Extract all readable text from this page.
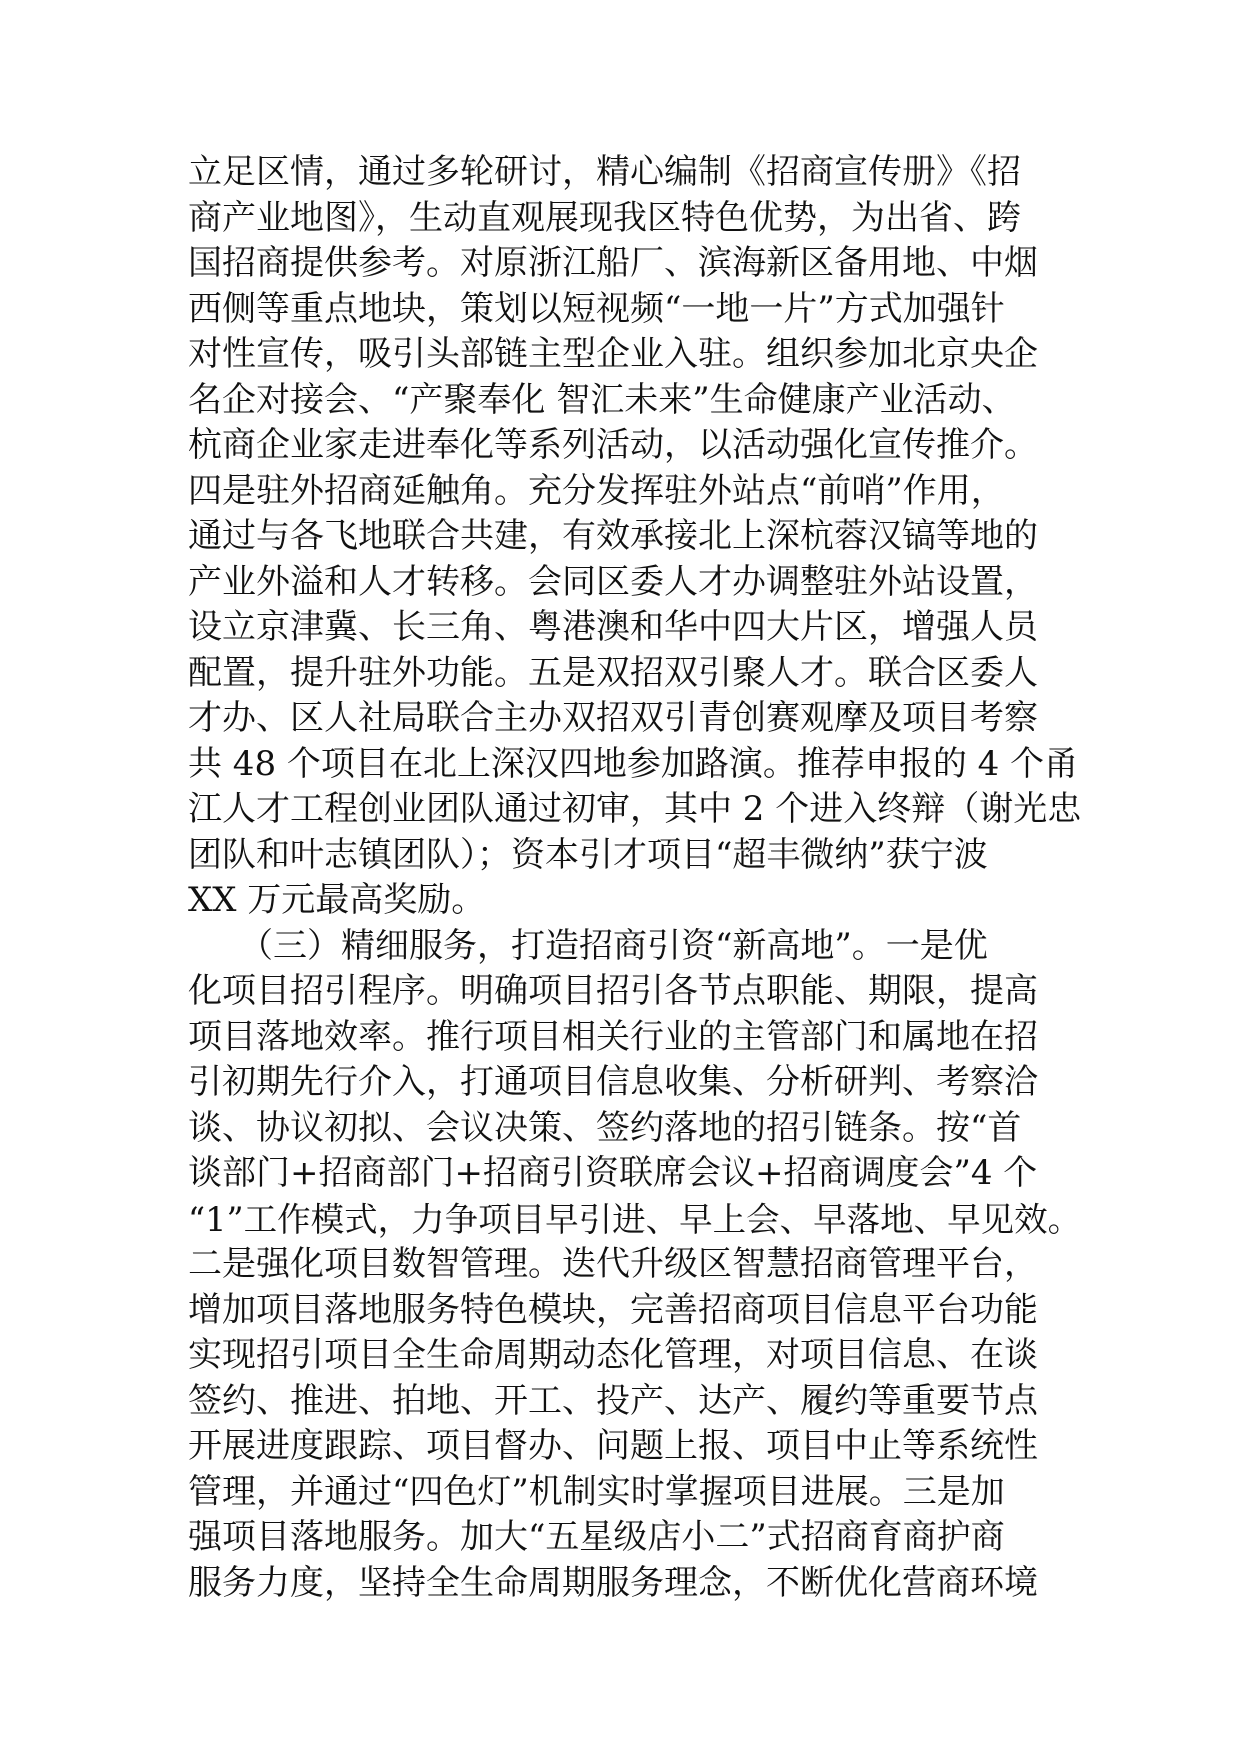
立足区情，通过多轮研讨，精心编制《招商宣传册》《招
商产业地图》，生动直观展现我区特色优势，为出省、跨
国招商提供参考。对原浙江船厂、滨海新区备用地、中烟
西侧等重点地块，策划以短视频“一地一片”方式加强针
对性宣传，吸引头部链主型企业入驻。组织参加北京央企
名企对接会、“产聚奉化 智汇未来”生命健康产业活动、
杭商企业家走进奉化等系列活动，以活动强化宣传推介。
四是驻外招商延触角。充分发挥驻外站点“前哨”作用，
通过与各飞地联合共建，有效承接北上深杭蓉汉镐等地的
产业外溢和人才转移。会同区委人才办调整驻外站设置，
设立京津冀、长三角、粤港澳和华中四大片区，增强人员
配置，提升驻外功能。五是双招双引聚人才。联合区委人
才办、区人社局联合主办双招双引青创赛观摩及项目考察
共 48 个项目在北上深汉四地参加路演。推荐申报的 4 个甬
江人才工程创业团队通过初审，其中 2 个进入终辩（谢光忠
团队和叶志镇团队）；资本引才项目“超丰微纳”获宁波
XX 万元最高奖励。
　　（三）精细服务，打造招商引资“新高地”。一是优
化项目招引程序。明确项目招引各节点职能、期限，提高
项目落地效率。推行项目相关行业的主管部门和属地在招
引初期先行介入，打通项目信息收集、分析研判、考察洽
谈、协议初拟、会议决策、签约落地的招引链条。按“首
谈部门+招商部门+招商引资联席会议+招商调度会”4 个
“1”工作模式，力争项目早引进、早上会、早落地、早见效。
二是强化项目数智管理。迭代升级区智慧招商管理平台，
增加项目落地服务特色模块，完善招商项目信息平台功能
实现招引项目全生命周期动态化管理，对项目信息、在谈
签约、推进、拍地、开工、投产、达产、履约等重要节点
开展进度跟踪、项目督办、问题上报、项目中止等系统性
管理，并通过“四色灯”机制实时掌握项目进展。三是加
强项目落地服务。加大“五星级店小二”式招商育商护商
服务力度，坚持全生命周期服务理念，不断优化营商环境
